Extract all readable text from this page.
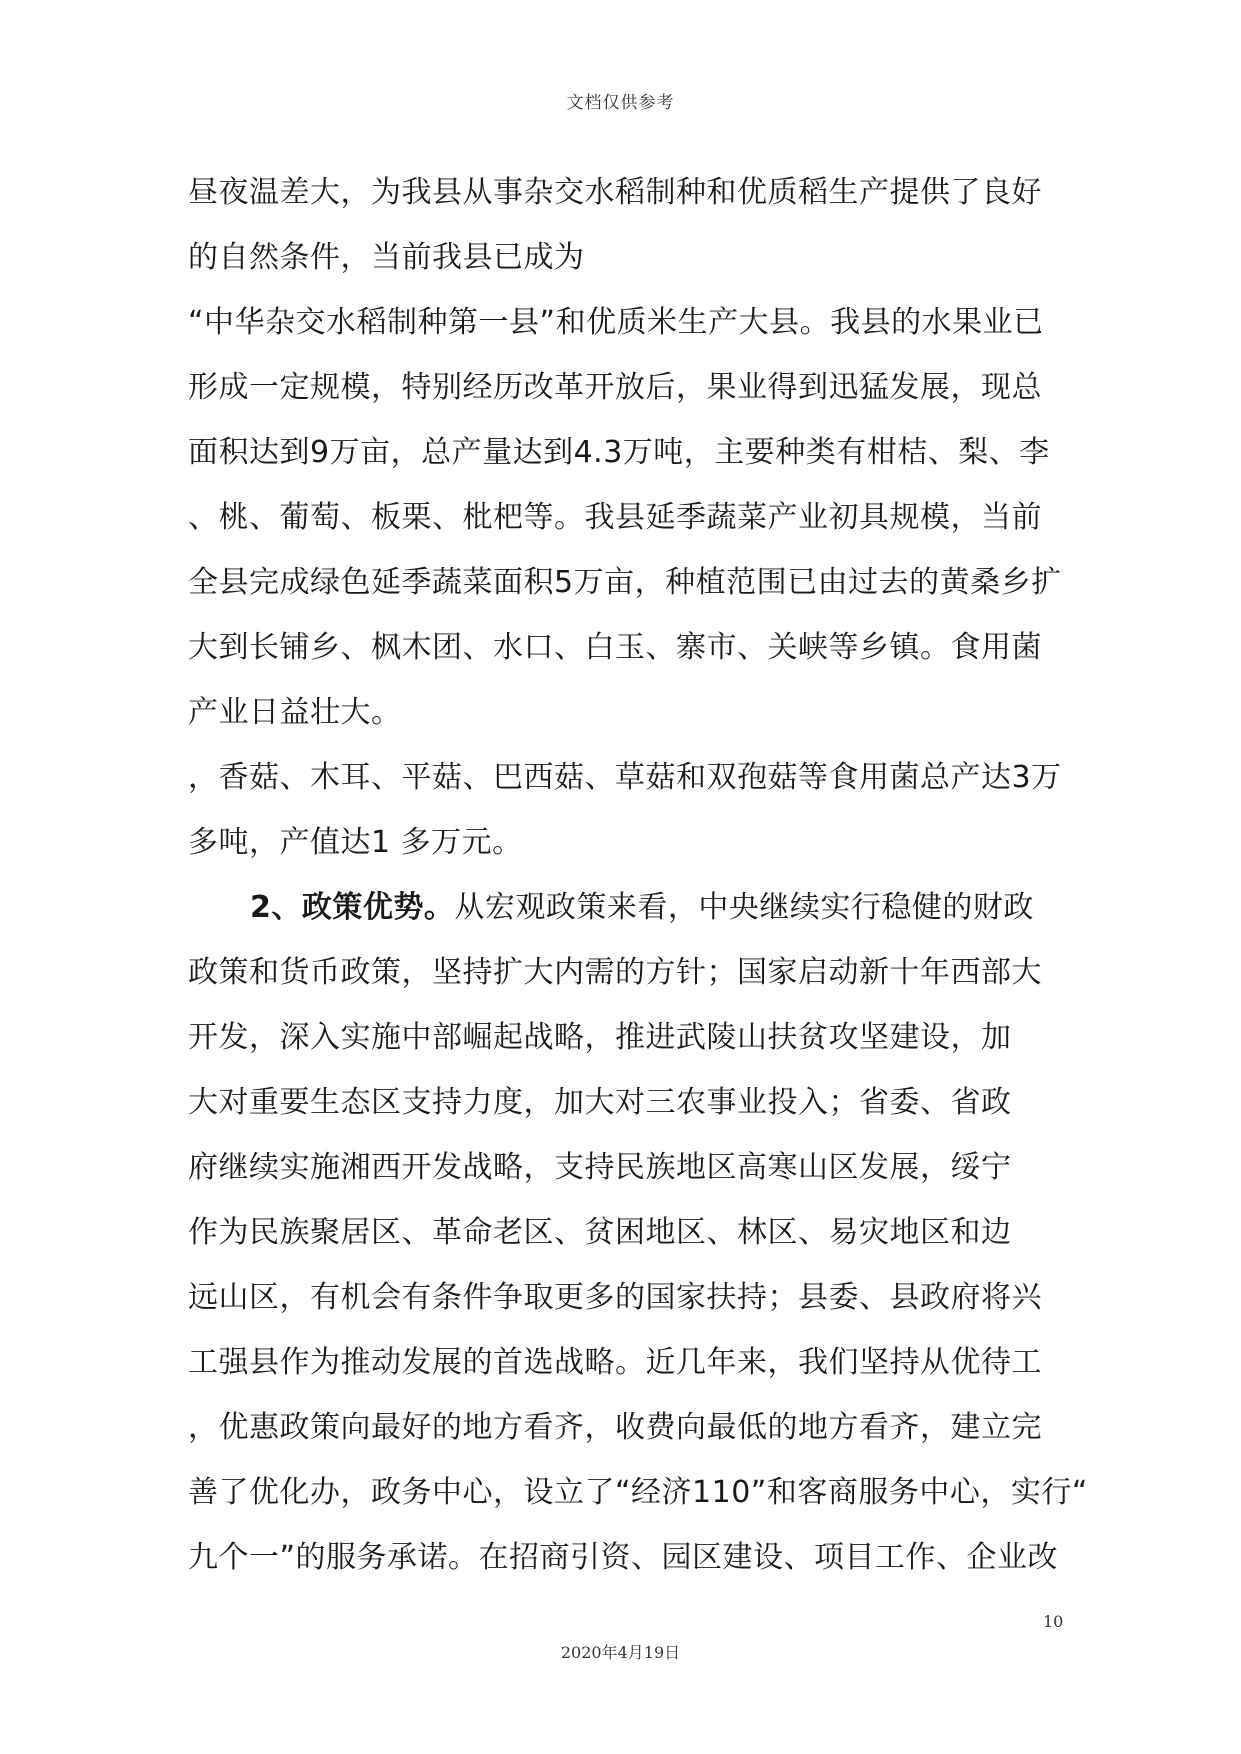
文档仅供参考
昼夜温差大，为我县从事杂交水稻制种和优质稻生产提供了良好
的自然条件，当前我县已成为
“中华杂交水稻制种第一县”和优质米生产大县。我县的水果业已
形成一定规模，特别经历改革开放后，果业得到迅猛发展，现总
面积达到9万亩，总产量达到4.3万吨，主要种类有柑桔、梨、李
、桃、葡萄、板栗、枇杷等。我县延季蔬菜产业初具规模，当前
全县完成绿色延季蔬菜面积5万亩，种植范围已由过去的黄桑乡扩
大到长铺乡、枫木团、水口、白玉、寨市、关峡等乡镇。食用菌
产业日益壮大。
，香菇、木耳、平菇、巴西菇、草菇和双孢菇等食用菌总产达3万
多吨，产值达1 多万元。
2、政策优势。从宏观政策来看，中央继续实行稳健的财政
政策和货币政策，坚持扩大内需的方针；国家启动新十年西部大
开发，深入实施中部崛起战略，推进武陵山扶贫攻坚建设，加
大对重要生态区支持力度，加大对三农事业投入；省委、省政
府继续实施湘西开发战略，支持民族地区高寒山区发展，绥宁
作为民族聚居区、革命老区、贫困地区、林区、易灾地区和边
远山区，有机会有条件争取更多的国家扶持；县委、县政府将兴
工强县作为推动发展的首选战略。近几年来，我们坚持从优待工
，优惠政策向最好的地方看齐，收费向最低的地方看齐，建立完
善了优化办，政务中心，设立了“经济110”和客商服务中心，实行“
九个一”的服务承诺。在招商引资、园区建设、项目工作、企业改
10
2020年4月19日
